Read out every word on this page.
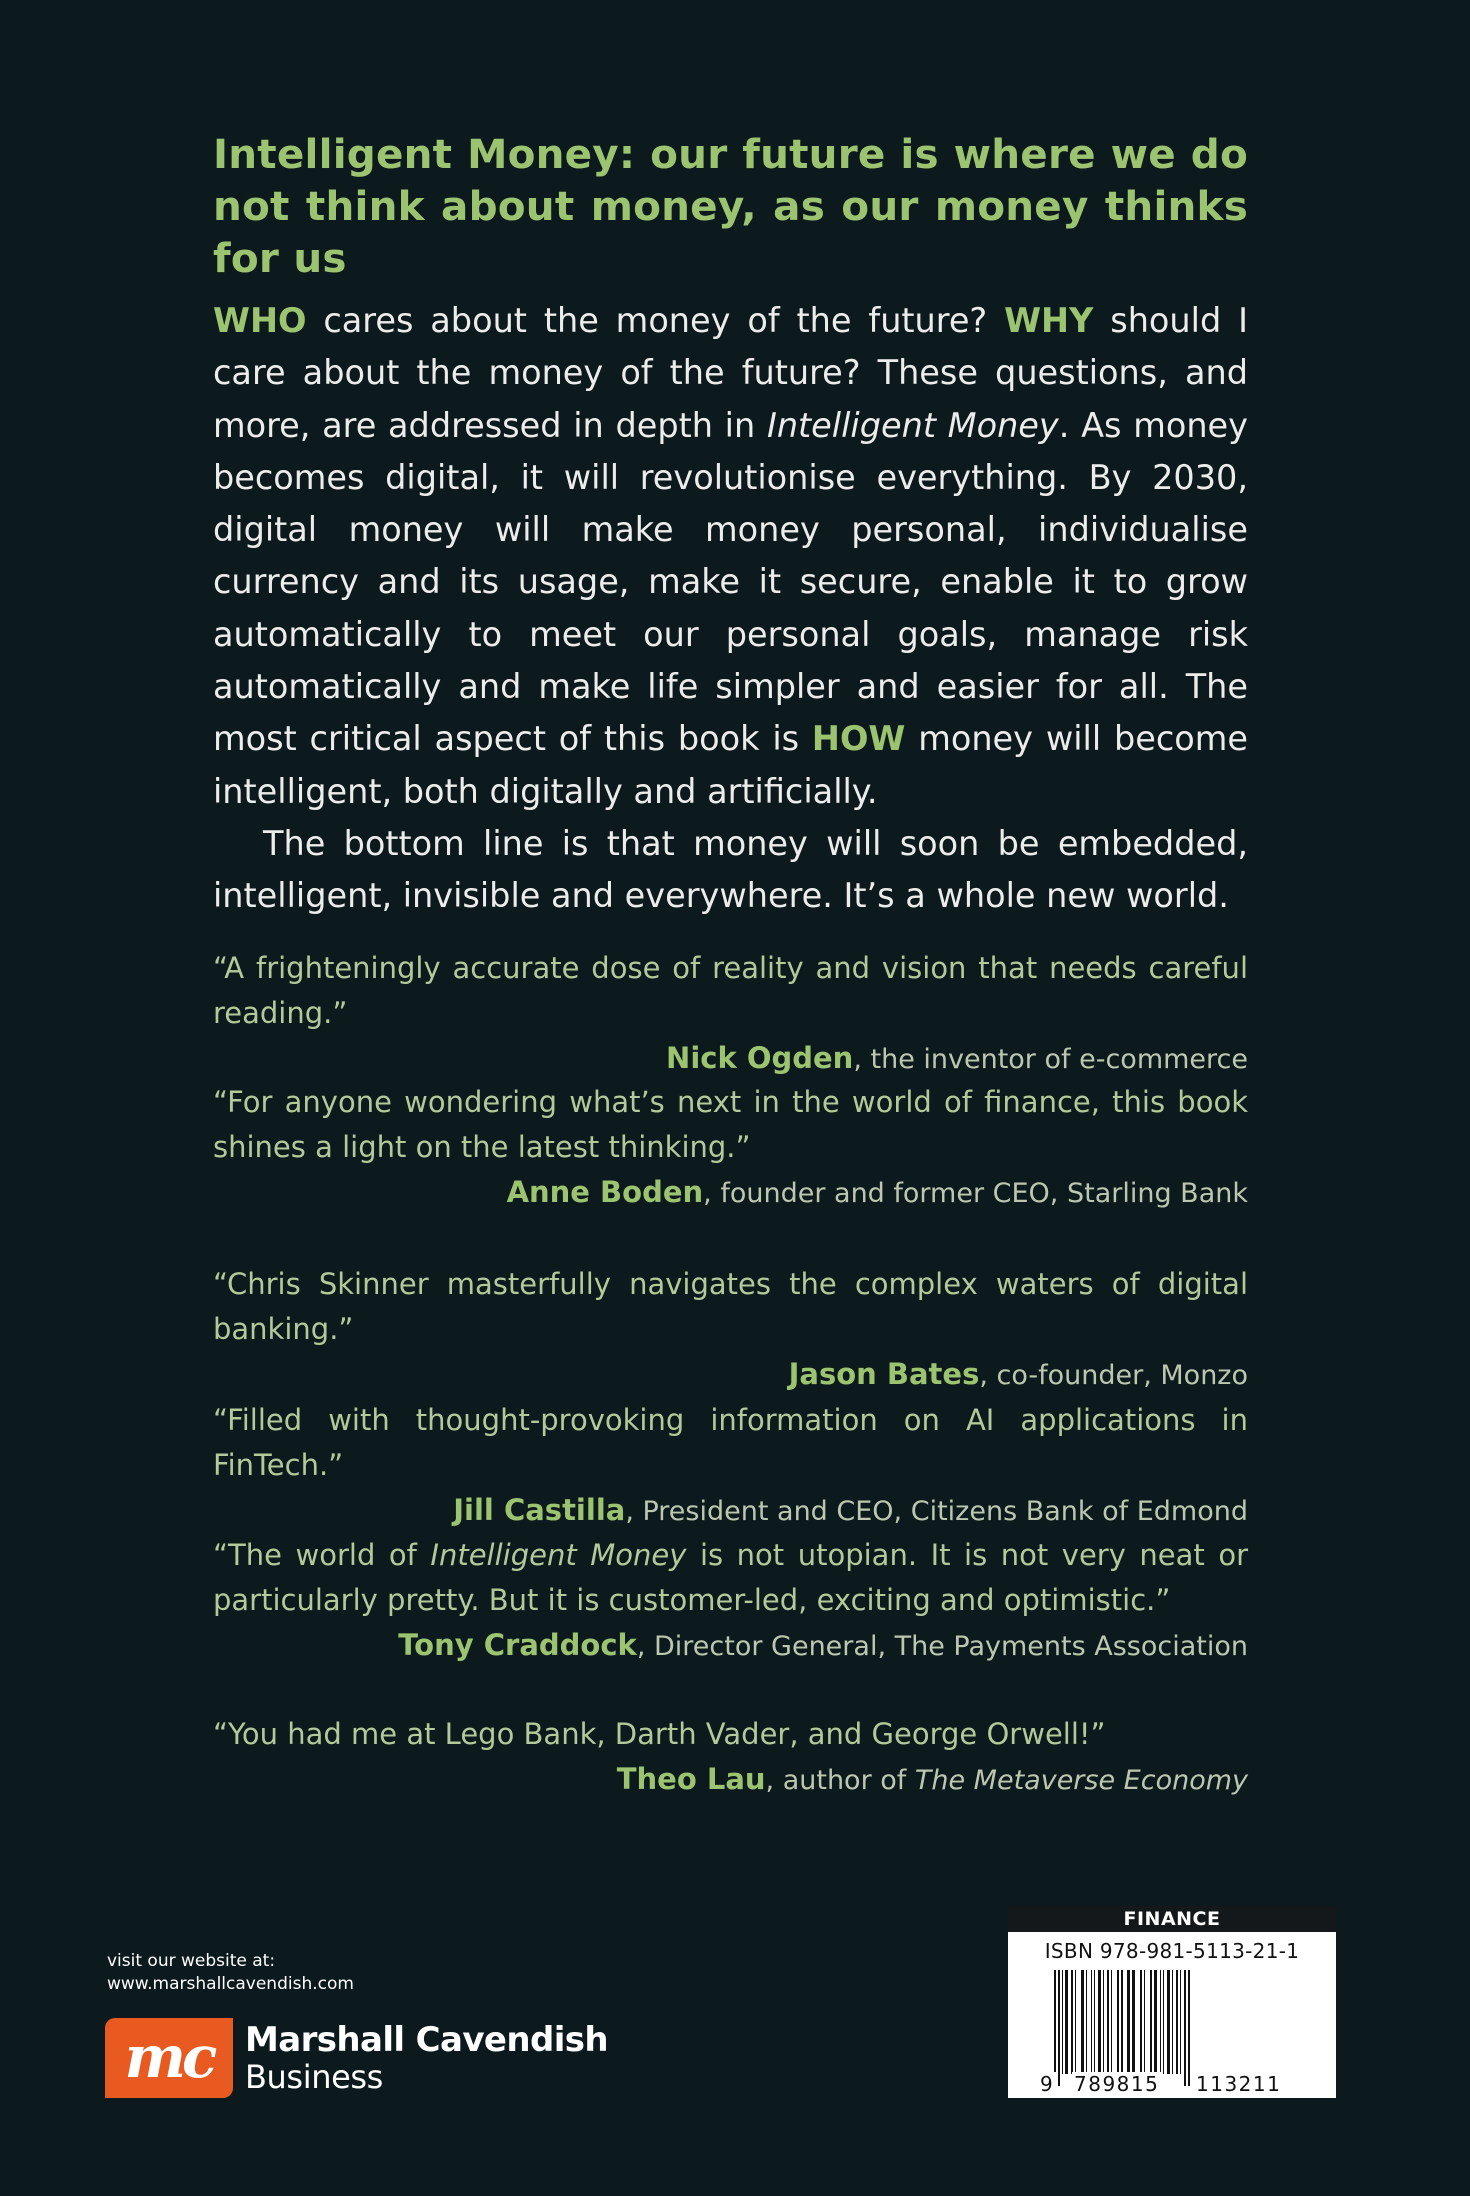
Intelligent Money: our future is where we do not think about money, as our money thinks for us

WHO cares about the money of the future? WHY should I care about the money of the future? These questions, and more, are addressed in depth in Intelligent Money. As money becomes digital, it will revolutionise everything. By 2030, digital money will make money personal, individualise currency and its usage, make it secure, enable it to grow automatically to meet our personal goals, manage risk automatically and make life simpler and easier for all. The most critical aspect of this book is HOW money will become intelligent, both digitally and artificially.

The bottom line is that money will soon be embedded, intelligent, invisible and everywhere. It’s a whole new world.

“A frighteningly accurate dose of reality and vision that needs careful reading.”
Nick Ogden, the inventor of e-commerce
“For anyone wondering what’s next in the world of finance, this book shines a light on the latest thinking.”
Anne Boden, founder and former CEO, Starling Bank
“Chris Skinner masterfully navigates the complex waters of digital banking.”
Jason Bates, co-founder, Monzo
“Filled with thought-provoking information on AI applications in FinTech.”
Jill Castilla, President and CEO, Citizens Bank of Edmond
“The world of Intelligent Money is not utopian. It is not very neat or particularly pretty. But it is customer-led, exciting and optimistic.”
Tony Craddock, Director General, The Payments Association
“You had me at Lego Bank, Darth Vader, and George Orwell!”
Theo Lau, author of The Metaverse Economy
visit our website at:
www.marshallcavendish.com
mc Marshall Cavendish
Business
FINANCE
ISBN 978-981-5113-21-1
9 789815 113211
